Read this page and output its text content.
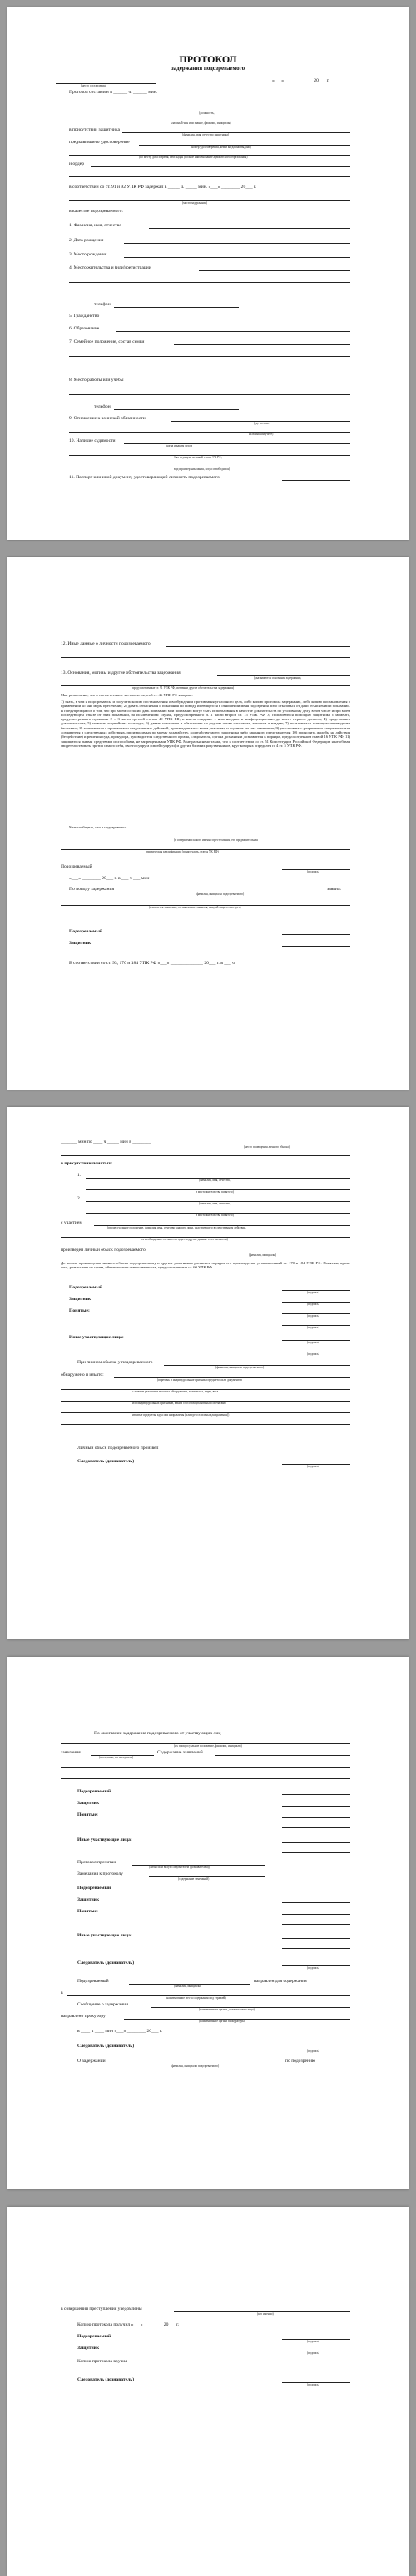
ПРОТОКОЛ
задержания подозреваемого
«___» ____________ 20___ г.
(место составления)
Протокол составлен в ______ ч. ______ мин.
(должность,
классный чин или звание, фамилия, инициалы)
в присутствии защитника
(фамилия, имя, отчество защитника)
предъявившего удостоверение
(номер удостоверения, кем и когда оно выдано)
(по месту, дата и время, кем выдан (полное наименование адвокатского образования)
и ордер
в соответствии со ст. 91 и 92 УПК РФ задержал в _____ ч. _____ мин. «___» ________ 20___ г.
(место задержания)
в качестве подозреваемого:
1. Фамилия, имя, отчество
2. Дата рождения
3. Место рождения
4. Место жительства и (или) регистрации
телефон
5. Гражданство
6. Образование
7. Семейное положение, состав семьи
8. Место работы или учебы
телефон
9. Отношение к воинской обязанности
(где состоит
на воинском учете)
10. Наличие судимости
(когда и каким судом
был осужден, по какой статье УК РФ,
вид и размер наказания, когда освободился)
11. Паспорт или иной документ, удостоверяющий личность подозреваемого:
12. Иные данные о личности подозреваемого:
13. Основания, мотивы и другие обстоятельства задержания
(указываются основания задержания,
предусмотренные ст. 91 УПК РФ, мотивы и другие обстоятельства задержания)
Мне разъяснены, что в соответствии с частью четвертой ст. 46 УПК РФ я вправе:
1) знать, в чем я подозреваюсь, и получить копию постановления о возбуждении против меня уголовного дела, либо копию протокола задержания, либо копию постановления о применении ко мне меры пресечения; 2) давать объяснения и показания по поводу имеющегося в отношении меня подозрения либо отказаться от дачи объяснений и показаний. В предупреждаюсь о том, что при моем согласии дать показания мои показания могут быть использованы в качестве доказательств по уголовному делу, в том числе и при моем последующем отказе от этих показаний, за исключением случая, предусмотренного п. 1 части второй ст. 75 УПК РФ; 3) пользоваться помощью защитника с момента, предусмотренного пунктами 2 – 3 части третьей статьи 49 УПК РФ, и иметь свидание с ним наедине и конфиденциально до моего первого допроса; 4) представлять доказательства; 5) заявлять ходатайства и отводы; 6) давать показания и объяснения на родном языке или языке, которым я владею; 7) пользоваться помощью переводчика бесплатно; 8) знакомиться с протоколами следственных действий, произведенных с моим участием, и подавать на них замечания; 9) участвовать с разрешения следователя или дознавателя в следственных действиях, производимых по моему ходатайству, ходатайству моего защитника либо законного представителя; 10) приносить жалобы на действия (бездействие) и решения суда, прокурора, руководителя следственного органа, следователя, органа дознания и дознавателя в порядке, предусмотренном главой 16 УПК РФ; 11) защищаться иными средствами и способами, не запрещенными УПК РФ. Мне разъяснено также, что в соответствии со ст. 51 Конституции Российской Федерации я не обязан свидетельствовать против самого себя, своего супруга (своей супруги) и других близких родственников, круг которых определен п. 4 ст. 5 УПК РФ.
Мне сообщено, что я подозреваюсь
(в совершении какого именно преступления, его предварительная
юридическая квалификация (пункт, часть, статья УК РФ)
Подозреваемый
(подпись)
«___» ________ 20___ г. в ___ ч ___ мин
По поводу задержания	заявил:
(фамилия, инициалы подозреваемого)
(излагается заявление, от заявления отказался, каждой свидетельствует)
Подозреваемый
Защитник
В соответствии со ст. 93, 170 и 184 УПК РФ «___» ______________ 20___ г. в ___ ч
_______ мин по ____ ч _____ мин в ________
(место проведения личного обыска)
в присутствии понятых:
1.
(фамилия, имя, отчество,
и место жительства понятого)
2.
(фамилия, имя, отчество,
и место жительства понятого)
с участием
(процессуальное положение, фамилия, имя, отчество каждого лица, участвующего в следственном действии,
а в необходимых случаях его адрес и другие данные о его личности)
произведен личный обыск подозреваемого
(фамилия, инициалы)
До начала производства личного обыска подозреваемому и другим участникам разъяснен порядок его производства, установленный ст. 170 и 184 УПК РФ. Понятым, кроме того, разъяснены их права, обязанности и ответственность, предусмотренные ст. 60 УПК РФ.
Подозреваемый
(подпись)
Защитник
(подпись)
Понятые:
(подпись)
(подпись)
Иные участвующие лица:
(подпись)
(подпись)
При личном обыске у подозреваемого
(фамилия, инициалы подозреваемого)
обнаружено и изъято:
(перечень и индивидуальные признаки предметов или документов
с точным указанием места их обнаружения, количества, меры, веса
или индивидуальных признаков, каким способом упакованы и опечатаны
изъятые предметы, куда они направлены (или где оставлены для хранения))
Личный обыск подозреваемого произвел
Следователь (дознаватель)
(подпись)
По окончании задержания подозреваемого от участвующих лиц
(их процессуальное положение, фамилии, инициалы)
заявления
(поступили, не поступили)
Содержание заявлений
Подозреваемый
Защитник
Понятые:
Иные участвующие лица:
Протокол прочитан
(лично или вслух следователем (дознавателем))
Замечания к протоколу
(содержание замечаний)
Подозреваемый
Защитник
Понятые:
Иные участвующие лица:
Следователь (дознаватель)
(подпись)
Подозреваемый	направлен для содержания
(фамилия, инициалы)
в
(наименование места содержания под стражей)
Сообщение о задержании
(наименование органа, должностного лица)
направлено прокурору
(наименование органа прокуратуры)
в ____ ч ____ мин «___» ________ 20___ г.
Следователь (дознаватель)
(подпись)
О задержании	по подозрению
(фамилия, инициалы подозреваемого)
в совершении преступления уведомлены
(кто именно)
Копию протокола получил «___» ________ 20___ г.
Подозреваемый
(подпись)
Защитник
(подпись)
Копию протокола вручил
Следователь (дознаватель)
(подпись)
